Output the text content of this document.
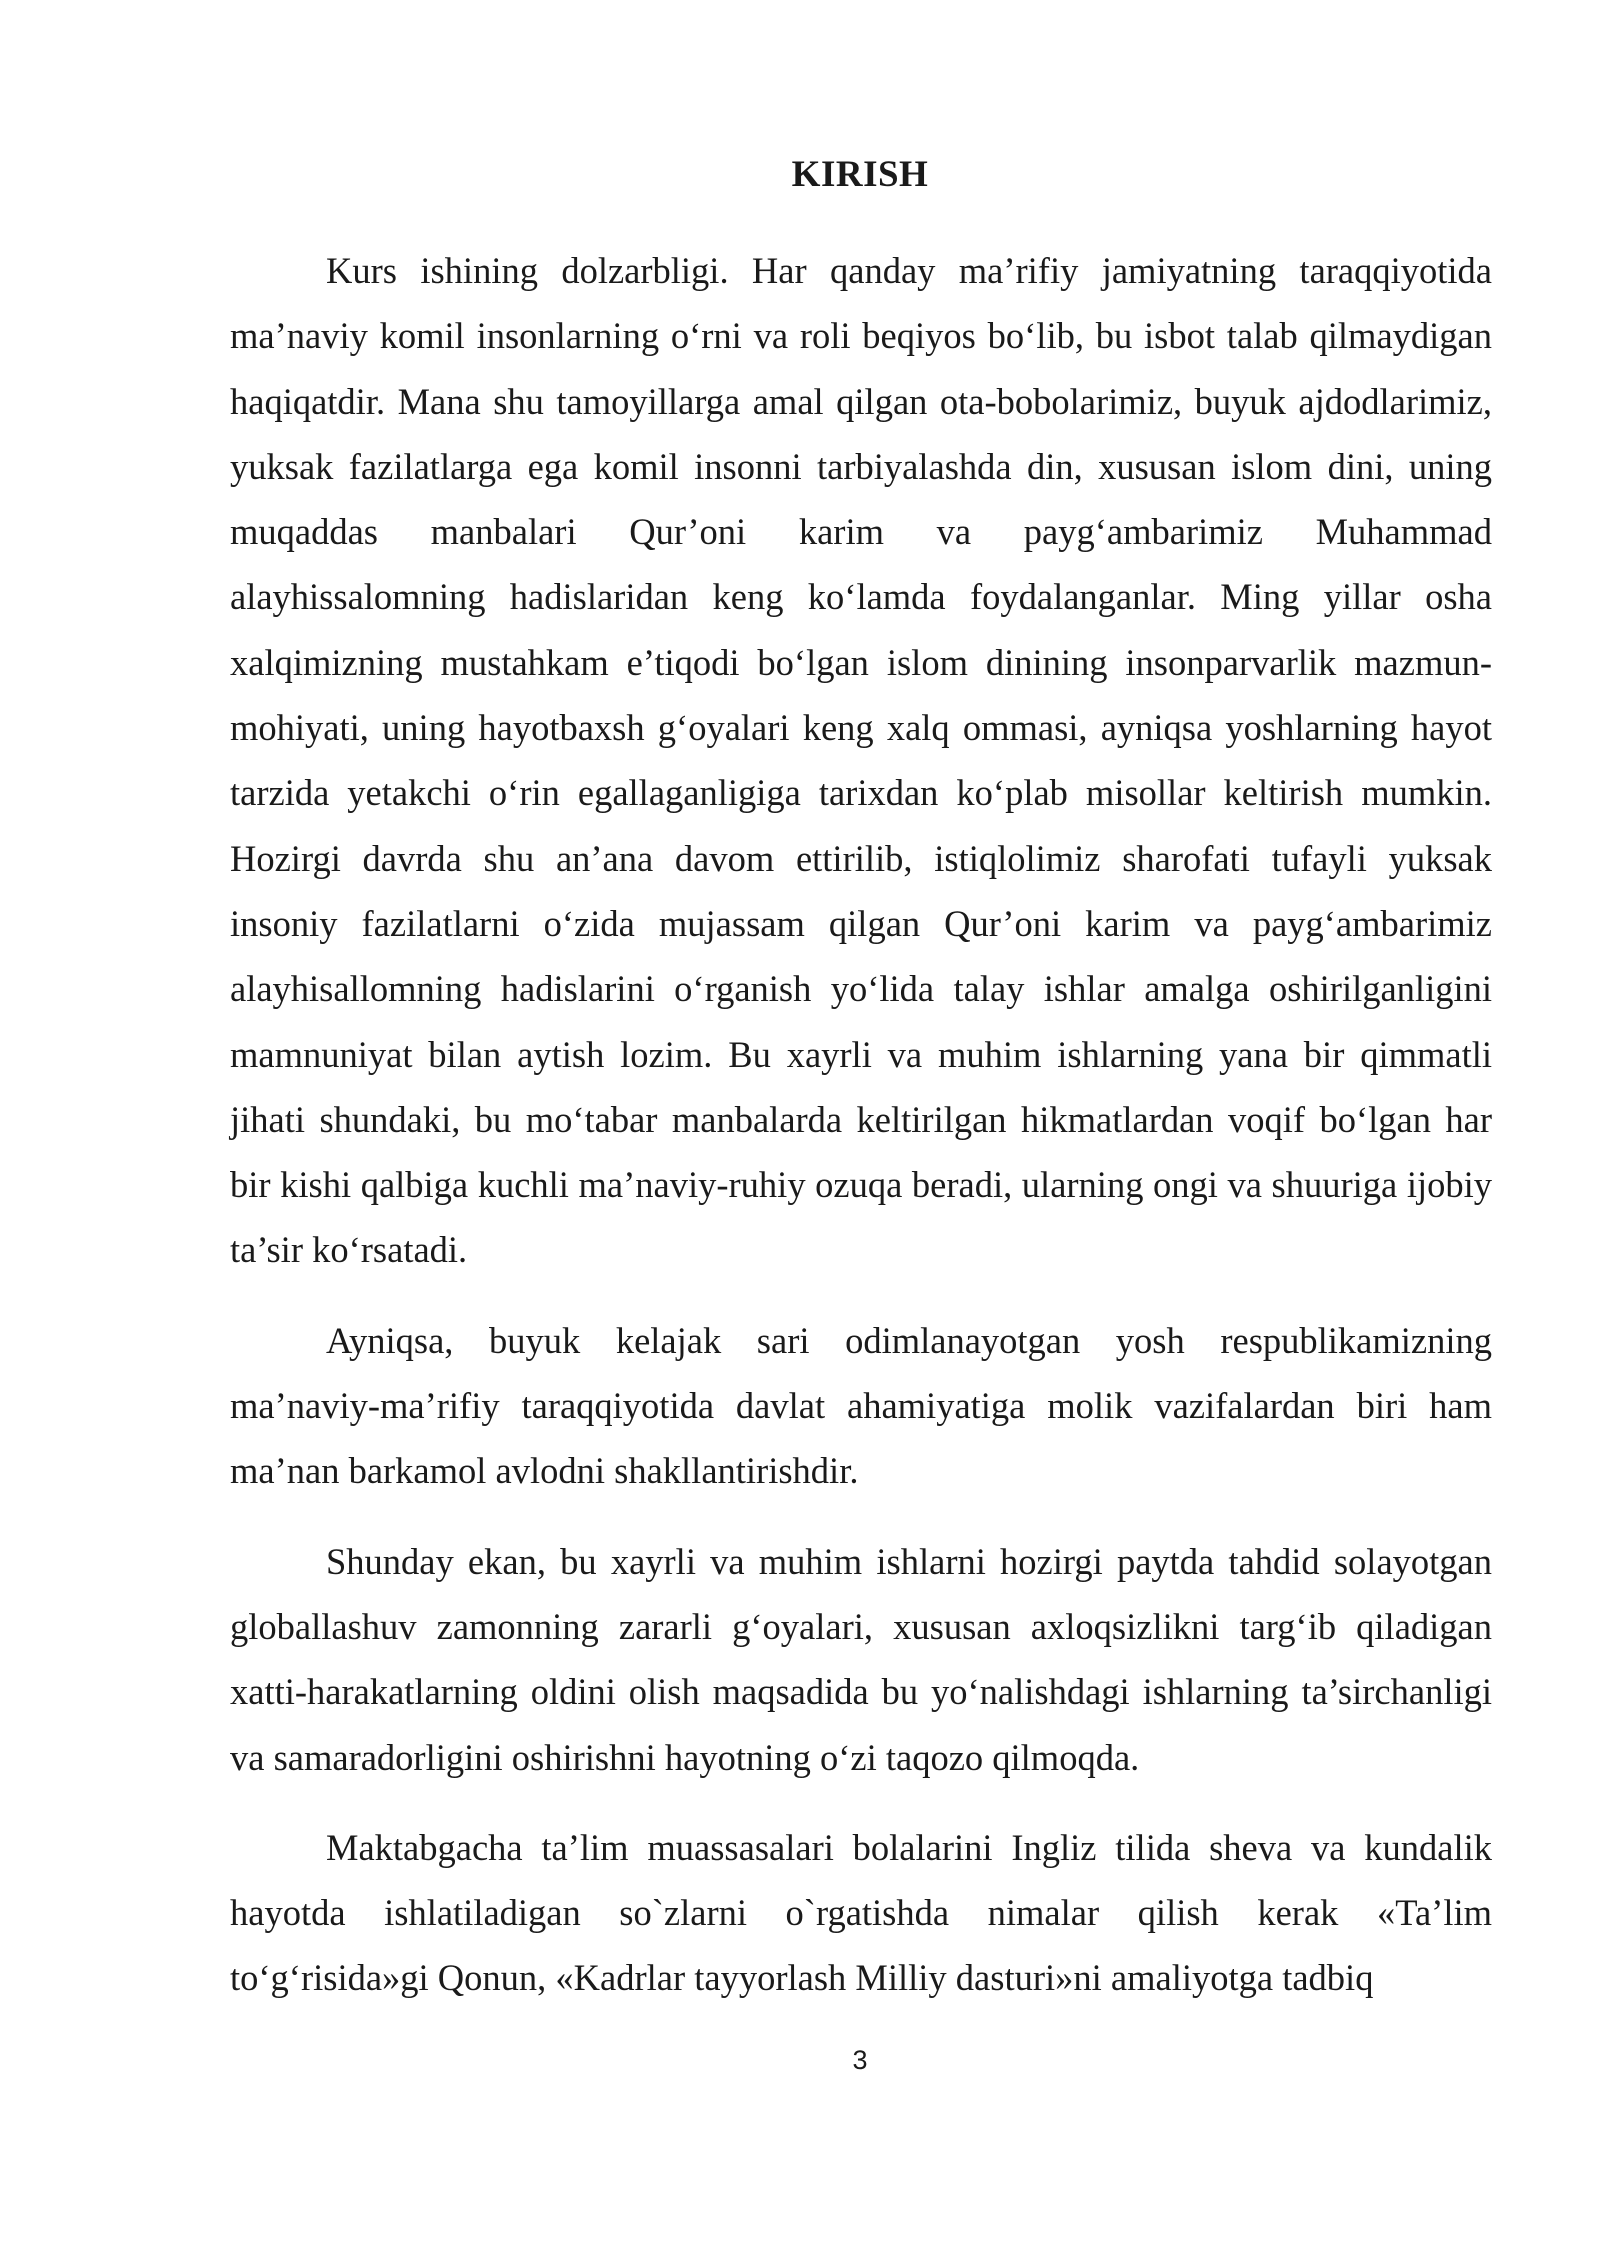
KIRISH

Kurs ishining dolzarbligi. Har qanday ma’rifiy jamiyatning taraqqiyotida ma’naviy komil insonlarning o‘rni va roli beqiyos bo‘lib, bu isbot talab qilmaydigan haqiqatdir. Mana shu tamoyillarga amal qilgan ota-bobolarimiz, buyuk ajdodlarimiz, yuksak fazilatlarga ega komil insonni tarbiyalashda din, xususan islom dini, uning muqaddas manbalari Qur’oni karim va payg‘ambarimiz Muhammad alayhissalomning hadislaridan keng ko‘lamda foydalanganlar. Ming yillar osha xalqimizning mustahkam e’tiqodi bo‘lgan islom dinining insonparvarlik mazmun-mohiyati, uning hayotbaxsh g‘oyalari keng xalq ommasi, ayniqsa yoshlarning hayot tarzida yetakchi o‘rin egallaganligiga tarixdan ko‘plab misollar keltirish mumkin. Hozirgi davrda shu an’ana davom ettirilib, istiqlolimiz sharofati tufayli yuksak insoniy fazilatlarni o‘zida mujassam qilgan Qur’oni karim va payg‘ambarimiz alayhisallomning hadislarini o‘rganish yo‘lida talay ishlar amalga oshirilganligini mamnuniyat bilan aytish lozim. Bu xayrli va muhim ishlarning yana bir qimmatli jihati shundaki, bu mo‘tabar manbalarda keltirilgan hikmatlardan voqif bo‘lgan har bir kishi qalbiga kuchli ma’naviy-ruhiy ozuqa beradi, ularning ongi va shuuriga ijobiy ta’sir ko‘rsatadi.

Ayniqsa, buyuk kelajak sari odimlanayotgan yosh respublikamizning ma’naviy-ma’rifiy taraqqiyotida davlat ahamiyatiga molik vazifalardan biri ham ma’nan barkamol avlodni shakllantirishdir.

Shunday ekan, bu xayrli va muhim ishlarni hozirgi paytda tahdid solayotgan globallashuv zamonning zararli g‘oyalari, xususan axloqsizlikni targ‘ib qiladigan xatti-harakatlarning oldini olish maqsadida bu yo‘nalishdagi ishlarning ta’sirchanligi va samaradorligini oshirishni hayotning o‘zi taqozo qilmoqda.

Maktabgacha ta’lim muassasalari bolalarini Ingliz tilida sheva va kundalik hayotda ishlatiladigan so`zlarni o`rgatishda nimalar qilish kerak «Ta’lim to‘g‘risida»gi Qonun, «Kadrlar tayyorlash Milliy dasturi»ni amaliyotga tadbiq

3
